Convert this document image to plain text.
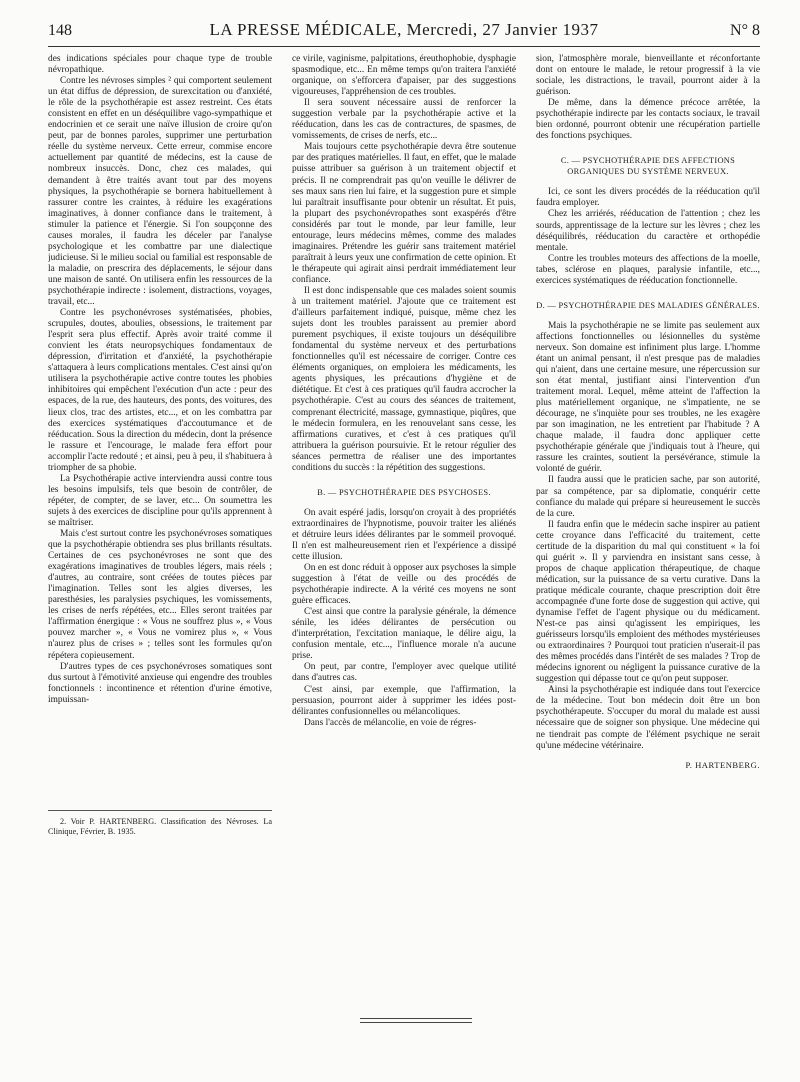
148	LA PRESSE MÉDICALE, Mercredi, 27 Janvier 1937	N° 8

des indications spéciales pour chaque type de trouble névropathique.

Contre les névroses simples ² qui comportent seulement un état diffus de dépression, de surexcitation ou d'anxiété, le rôle de la psychothérapie est assez restreint. Ces états consistent en effet en un déséquilibre vago-sympathique et endocrinien et ce serait une naïve illusion de croire qu'on peut, par de bonnes paroles, supprimer une perturbation réelle du système nerveux. Cette erreur, commise encore actuellement par quantité de médecins, est la cause de nombreux insuccès. Donc, chez ces malades, qui demandent à être traités avant tout par des moyens physiques, la psychothérapie se bornera habituellement à rassurer contre les craintes, à réduire les exagérations imaginatives, à donner confiance dans le traitement, à stimuler la patience et l'énergie. Si l'on soupçonne des causes morales, il faudra les déceler par l'analyse psychologique et les combattre par une dialectique judicieuse. Si le milieu social ou familial est responsable de la maladie, on prescrira des déplacements, le séjour dans une maison de santé. On utilisera enfin les ressources de la psychothérapie indirecte : isolement, distractions, voyages, travail, etc...

Contre les psychonévroses systématisées, phobies, scrupules, doutes, aboulies, obsessions, le traitement par l'esprit sera plus effectif. Après avoir traité comme il convient les états neuropsychiques fondamentaux de dépression, d'irritation et d'anxiété, la psychothérapie s'attaquera à leurs complications mentales. C'est ainsi qu'on utilisera la psychothérapie active contre toutes les phobies inhibitoires qui empêchent l'exécution d'un acte : peur des espaces, de la rue, des hauteurs, des ponts, des voitures, des lieux clos, trac des artistes, etc..., et on les combattra par des exercices systématiques d'accoutumance et de rééducation. Sous la direction du médecin, dont la présence le rassure et l'encourage, le malade fera effort pour accomplir l'acte redouté ; et ainsi, peu à peu, il s'habituera à triompher de sa phobie.

La Psychothérapie active interviendra aussi contre tous les besoins impulsifs, tels que besoin de contrôler, de répéter, de compter, de se laver, etc... On soumettra les sujets à des exercices de discipline pour qu'ils apprennent à se maîtriser.

Mais c'est surtout contre les psychonévroses somatiques que la psychothérapie obtiendra ses plus brillants résultats. Certaines de ces psychonévroses ne sont que des exagérations imaginatives de troubles légers, mais réels ; d'autres, au contraire, sont créées de toutes pièces par l'imagination. Telles sont les algies diverses, les paresthésies, les paralysies psychiques, les vomissements, les crises de nerfs répétées, etc... Elles seront traitées par l'affirmation énergique : « Vous ne souffrez plus », « Vous pouvez marcher », « Vous ne vomirez plus », « Vous n'aurez plus de crises » ; telles sont les formules qu'on répétera copieusement.

D'autres types de ces psychonévroses somatiques sont dus surtout à l'émotivité anxieuse qui engendre des troubles fonctionnels : incontinence et rétention d'urine émotive, impuissan-

2. Voir P. HARTENBERG. Classification des Névroses. La Clinique, Février, B. 1935.

ce virile, vaginisme, palpitations, éreuthophobie, dysphagie spasmodique, etc... En même temps qu'on traitera l'anxiété organique, on s'efforcera d'apaiser, par des suggestions vigoureuses, l'appréhension de ces troubles.

Il sera souvent nécessaire aussi de renforcer la suggestion verbale par la psychothérapie active et la rééducation, dans les cas de contractures, de spasmes, de vomissements, de crises de nerfs, etc...

Mais toujours cette psychothérapie devra être soutenue par des pratiques matérielles. Il faut, en effet, que le malade puisse attribuer sa guérison à un traitement objectif et précis. Il ne comprendrait pas qu'on veuille le délivrer de ses maux sans rien lui faire, et la suggestion pure et simple lui paraîtrait insuffisante pour obtenir un résultat. Et puis, la plupart des psychonévropathes sont exaspérés d'être considérés par tout le monde, par leur famille, leur entourage, leurs médecins mêmes, comme des malades imaginaires. Prétendre les guérir sans traitement matériel paraîtrait à leurs yeux une confirmation de cette opinion. Et le thérapeute qui agirait ainsi perdrait immédiatement leur confiance.

Il est donc indispensable que ces malades soient soumis à un traitement matériel. J'ajoute que ce traitement est d'ailleurs parfaitement indiqué, puisque, même chez les sujets dont les troubles paraissent au premier abord purement psychiques, il existe toujours un déséquilibre fondamental du système nerveux et des perturbations fonctionnelles qu'il est nécessaire de corriger. Contre ces éléments organiques, on emploiera les médicaments, les agents physiques, les précautions d'hygiène et de diététique. Et c'est à ces pratiques qu'il faudra accrocher la psychothérapie. C'est au cours des séances de traitement, comprenant électricité, massage, gymnastique, piqûres, que le médecin formulera, en les renouvelant sans cesse, les affirmations curatives, et c'est à ces pratiques qu'il attribuera la guérison poursuivie. Et le retour régulier des séances permettra de réaliser une des importantes conditions du succès : la répétition des suggestions.

B. — PSYCHOTHÉRAPIE DES PSYCHOSES.

On avait espéré jadis, lorsqu'on croyait à des propriétés extraordinaires de l'hypnotisme, pouvoir traiter les aliénés et détruire leurs idées délirantes par le sommeil provoqué. Il n'en est malheureusement rien et l'expérience a dissipé cette illusion.

On en est donc réduit à opposer aux psychoses la simple suggestion à l'état de veille ou des procédés de psychothérapie indirecte. A la vérité ces moyens ne sont guère efficaces.

C'est ainsi que contre la paralysie générale, la démence sénile, les idées délirantes de persécution ou d'interprétation, l'excitation maniaque, le délire aigu, la confusion mentale, etc..., l'influence morale n'a aucune prise.

On peut, par contre, l'employer avec quelque utilité dans d'autres cas.

C'est ainsi, par exemple, que l'affirmation, la persuasion, pourront aider à supprimer les idées post-délirantes confusionnelles ou mélancoliques.

Dans l'accès de mélancolie, en voie de régres-

sion, l'atmosphère morale, bienveillante et réconfortante dont on entoure le malade, le retour progressif à la vie sociale, les distractions, le travail, pourront aider à la guérison.

De même, dans la démence précoce arrêtée, la psychothérapie indirecte par les contacts sociaux, le travail bien ordonné, pourront obtenir une récupération partielle des fonctions psychiques.

C. — PSYCHOTHÉRAPIE DES AFFECTIONS ORGANIQUES DU SYSTÈME NERVEUX.

Ici, ce sont les divers procédés de la rééducation qu'il faudra employer.

Chez les arriérés, rééducation de l'attention ; chez les sourds, apprentissage de la lecture sur les lèvres ; chez les déséquilibrés, rééducation du caractère et orthopédie mentale.

Contre les troubles moteurs des affections de la moelle, tabes, sclérose en plaques, paralysie infantile, etc..., exercices systématiques de rééducation fonctionnelle.

D. — PSYCHOTHÉRAPIE DES MALADIES GÉNÉRALES.

Mais la psychothérapie ne se limite pas seulement aux affections fonctionnelles ou lésionnelles du système nerveux. Son domaine est infiniment plus large. L'homme étant un animal pensant, il n'est presque pas de maladies qui n'aient, dans une certaine mesure, une répercussion sur son état mental, justifiant ainsi l'intervention d'un traitement moral. Lequel, même atteint de l'affection la plus matériellement organique, ne s'impatiente, ne se décourage, ne s'inquiète pour ses troubles, ne les exagère par son imagination, ne les entretient par l'habitude ? A chaque malade, il faudra donc appliquer cette psychothérapie générale que j'indiquais tout à l'heure, qui rassure les craintes, soutient la persévérance, stimule la volonté de guérir.

Il faudra aussi que le praticien sache, par son autorité, par sa compétence, par sa diplomatie, conquérir cette confiance du malade qui prépare si heureusement le succès de la cure.

Il faudra enfin que le médecin sache inspirer au patient cette croyance dans l'efficacité du traitement, cette certitude de la disparition du mal qui constituent « la foi qui guérit ». Il y parviendra en insistant sans cesse, à propos de chaque application thérapeutique, de chaque médication, sur la puissance de sa vertu curative. Dans la pratique médicale courante, chaque prescription doit être accompagnée d'une forte dose de suggestion qui active, qui dynamise l'effet de l'agent physique ou du médicament. N'est-ce pas ainsi qu'agissent les empiriques, les guérisseurs lorsqu'ils emploient des méthodes mystérieuses ou extraordinaires ? Pourquoi tout praticien n'userait-il pas des mêmes procédés dans l'intérêt de ses malades ? Trop de médecins ignorent ou négligent la puissance curative de la suggestion qui dépasse tout ce qu'on peut supposer.

Ainsi la psychothérapie est indiquée dans tout l'exercice de la médecine. Tout bon médecin doit être un bon psychothérapeute. S'occuper du moral du malade est aussi nécessaire que de soigner son physique. Une médecine qui ne tiendrait pas compte de l'élément psychique ne serait qu'une médecine vétérinaire.

P. HARTENBERG.
